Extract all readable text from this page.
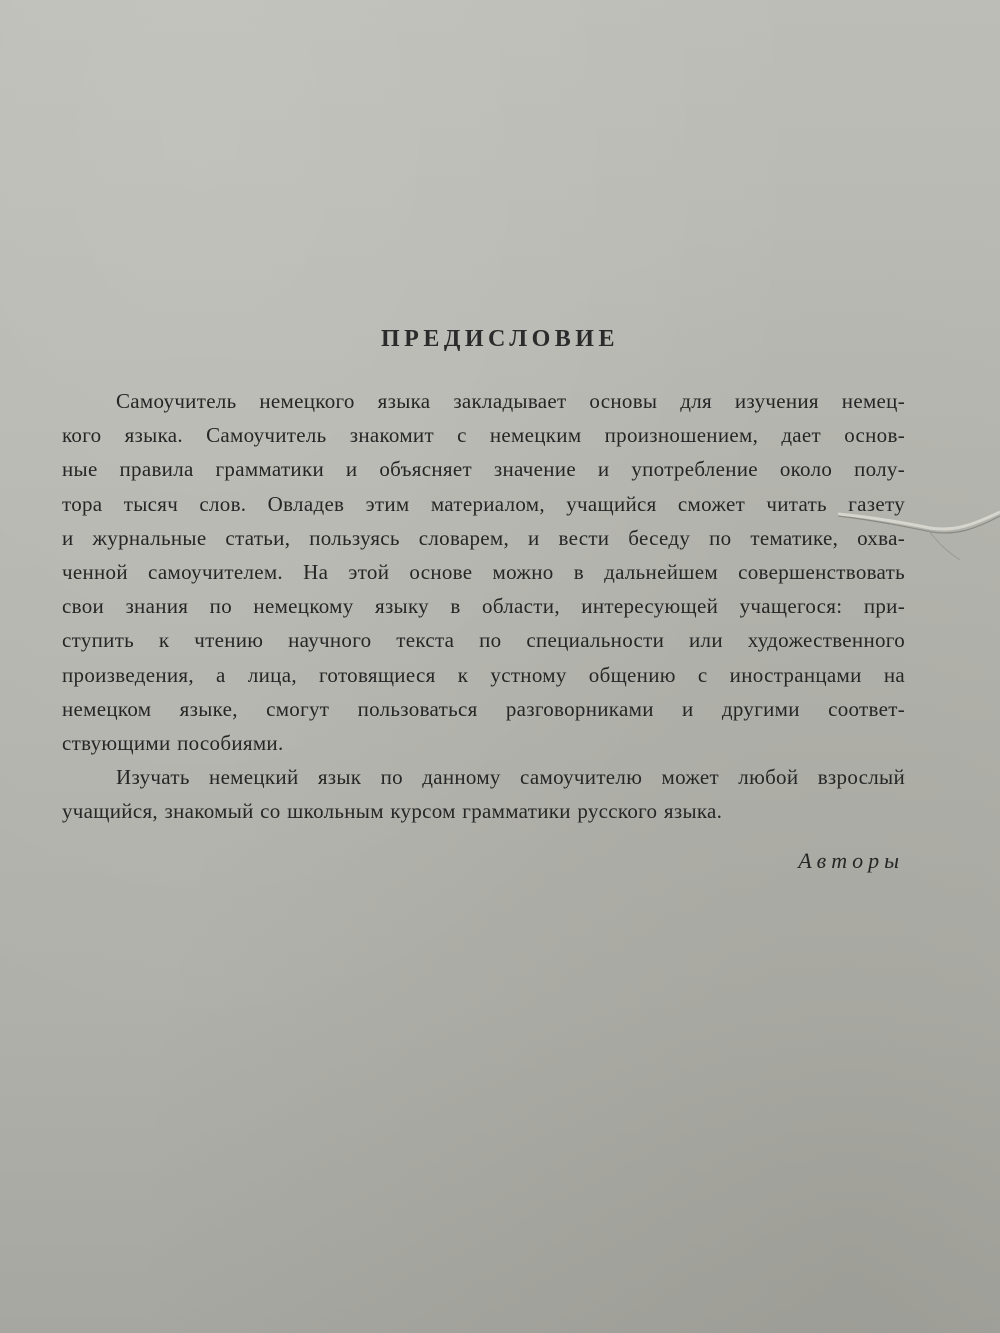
ПРЕДИСЛОВИЕ

Самоучитель немецкого языка закладывает основы для изучения немец-
кого языка. Самоучитель знакомит с немецким произношением, дает основ-
ные правила грамматики и объясняет значение и употребление около полу-
тора тысяч слов. Овладев этим материалом, учащийся сможет читать газету
и журнальные статьи, пользуясь словарем, и вести беседу по тематике, охва-
ченной самоучителем. На этой основе можно в дальнейшем совершенствовать
свои знания по немецкому языку в области, интересующей учащегося: при-
ступить к чтению научного текста по специальности или художественного
произведения, а лица, готовящиеся к устному общению с иностранцами на
немецком языке, смогут пользоваться разговорниками и другими соответ-
ствующими пособиями.

Изучать немецкий язык по данному самоучителю может любой взрослый
учащийся, знакомый со школьным курсом грамматики русского языка.

Авторы
